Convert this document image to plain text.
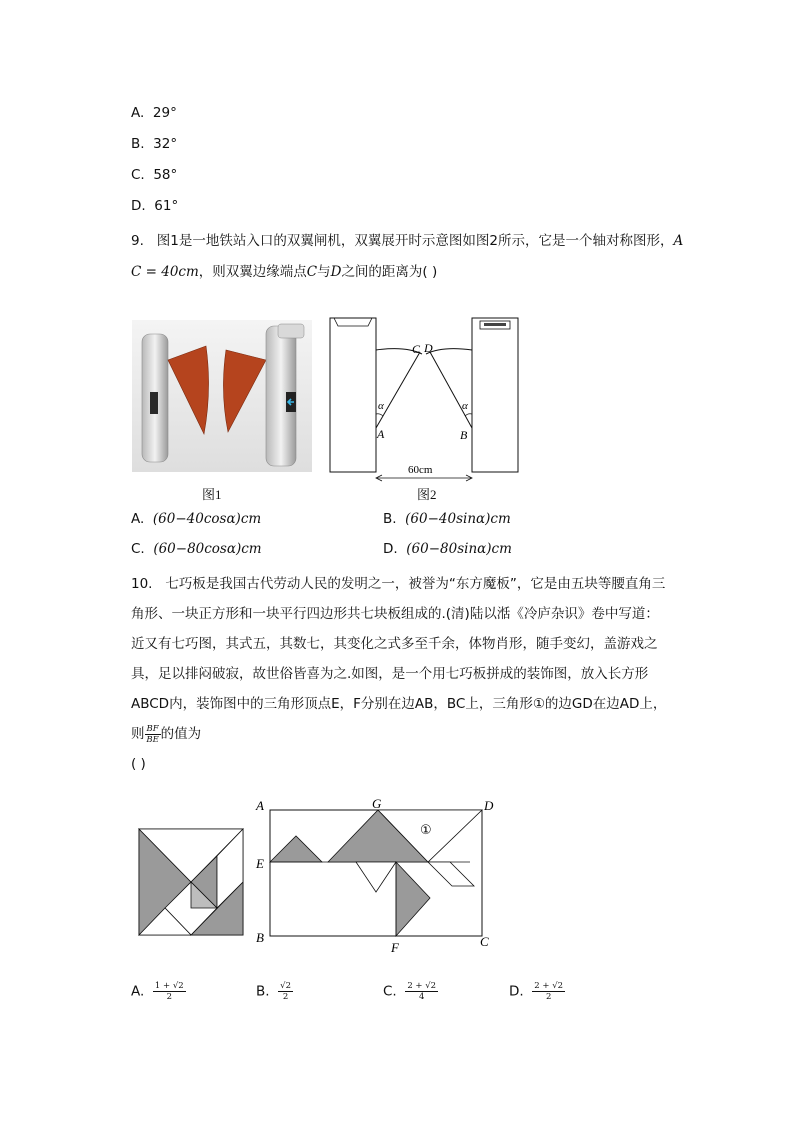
A. 29°
B. 32°
C. 58°
D. 61°
9. 图1是一地铁站入口的双翼闸机，双翼展开时示意图如图2所示，它是一个轴对称图形，A
C = 40cm，则双翼边缘端点C与D之间的距离为( )
图1
C D
A	B
α	α
60cm
图2
A. (60−40cosα)cm	B. (60−40sinα)cm
C. (60−80cosα)cm	D. (60−80sinα)cm
10. 七巧板是我国古代劳动人民的发明之一，被誉为“东方魔板”，它是由五块等腰直角三角形、一块正方形和一块平行四边形共七块板组成的.(清)陆以湉《冷庐杂识》卷中写道：近又有七巧图，其式五，其数七，其变化之式多至千余，体物肖形，随手变幻，盖游戏之具，足以排闷破寂，故世俗皆喜为之.如图，是一个用七巧板拼成的装饰图，放入长方形ABCD内，装饰图中的三角形顶点E，F分别在边AB，BC上，三角形①的边GD在边AD上，则 $\frac{BF}{BE}$ 的值为
( )
A	G	D
E
B
F	C
①
A. $\frac{1 + √2}{2}$	B. $\frac{√2}{2}$	C. $\frac{2 + √2}{4}$	D. $\frac{2 + √2}{2}$
